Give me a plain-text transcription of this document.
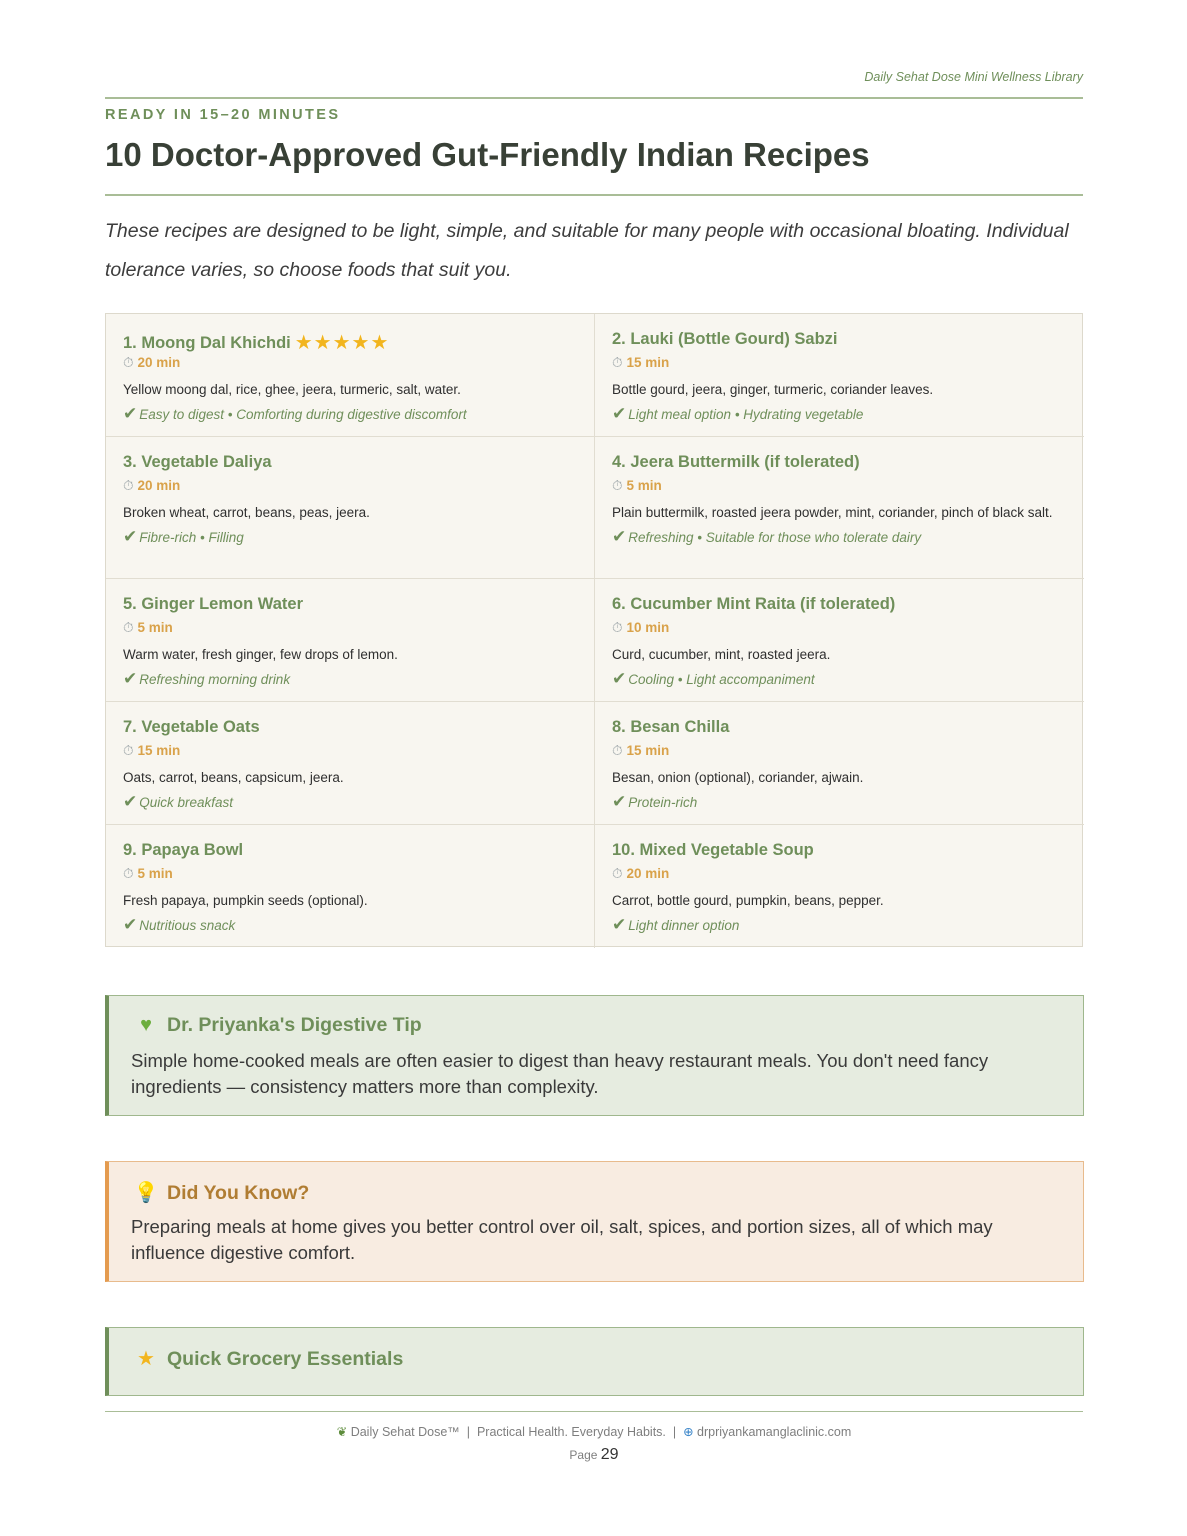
Daily Sehat Dose Mini Wellness Library
READY IN 15–20 MINUTES
10 Doctor-Approved Gut-Friendly Indian Recipes
These recipes are designed to be light, simple, and suitable for many people with occasional bloating. Individual tolerance varies, so choose foods that suit you.
1. Moong Dal Khichdi ★★★★★
⏱ 20 min
Yellow moong dal, rice, ghee, jeera, turmeric, salt, water.
✔ Easy to digest • Comforting during digestive discomfort
2. Lauki (Bottle Gourd) Sabzi
⏱ 15 min
Bottle gourd, jeera, ginger, turmeric, coriander leaves.
✔ Light meal option • Hydrating vegetable
3. Vegetable Daliya
⏱ 20 min
Broken wheat, carrot, beans, peas, jeera.
✔ Fibre-rich • Filling
4. Jeera Buttermilk (if tolerated)
⏱ 5 min
Plain buttermilk, roasted jeera powder, mint, coriander, pinch of black salt.
✔ Refreshing • Suitable for those who tolerate dairy
5. Ginger Lemon Water
⏱ 5 min
Warm water, fresh ginger, few drops of lemon.
✔ Refreshing morning drink
6. Cucumber Mint Raita (if tolerated)
⏱ 10 min
Curd, cucumber, mint, roasted jeera.
✔ Cooling • Light accompaniment
7. Vegetable Oats
⏱ 15 min
Oats, carrot, beans, capsicum, jeera.
✔ Quick breakfast
8. Besan Chilla
⏱ 15 min
Besan, onion (optional), coriander, ajwain.
✔ Protein-rich
9. Papaya Bowl
⏱ 5 min
Fresh papaya, pumpkin seeds (optional).
✔ Nutritious snack
10. Mixed Vegetable Soup
⏱ 20 min
Carrot, bottle gourd, pumpkin, beans, pepper.
✔ Light dinner option
♥ Dr. Priyanka's Digestive Tip
Simple home-cooked meals are often easier to digest than heavy restaurant meals. You don't need fancy ingredients — consistency matters more than complexity.
💡 Did You Know?
Preparing meals at home gives you better control over oil, salt, spices, and portion sizes, all of which may influence digestive comfort.
★ Quick Grocery Essentials
❦ Daily Sehat Dose™ | Practical Health. Everyday Habits. | ⊕ drpriyankamanglaclinic.com
Page 29
